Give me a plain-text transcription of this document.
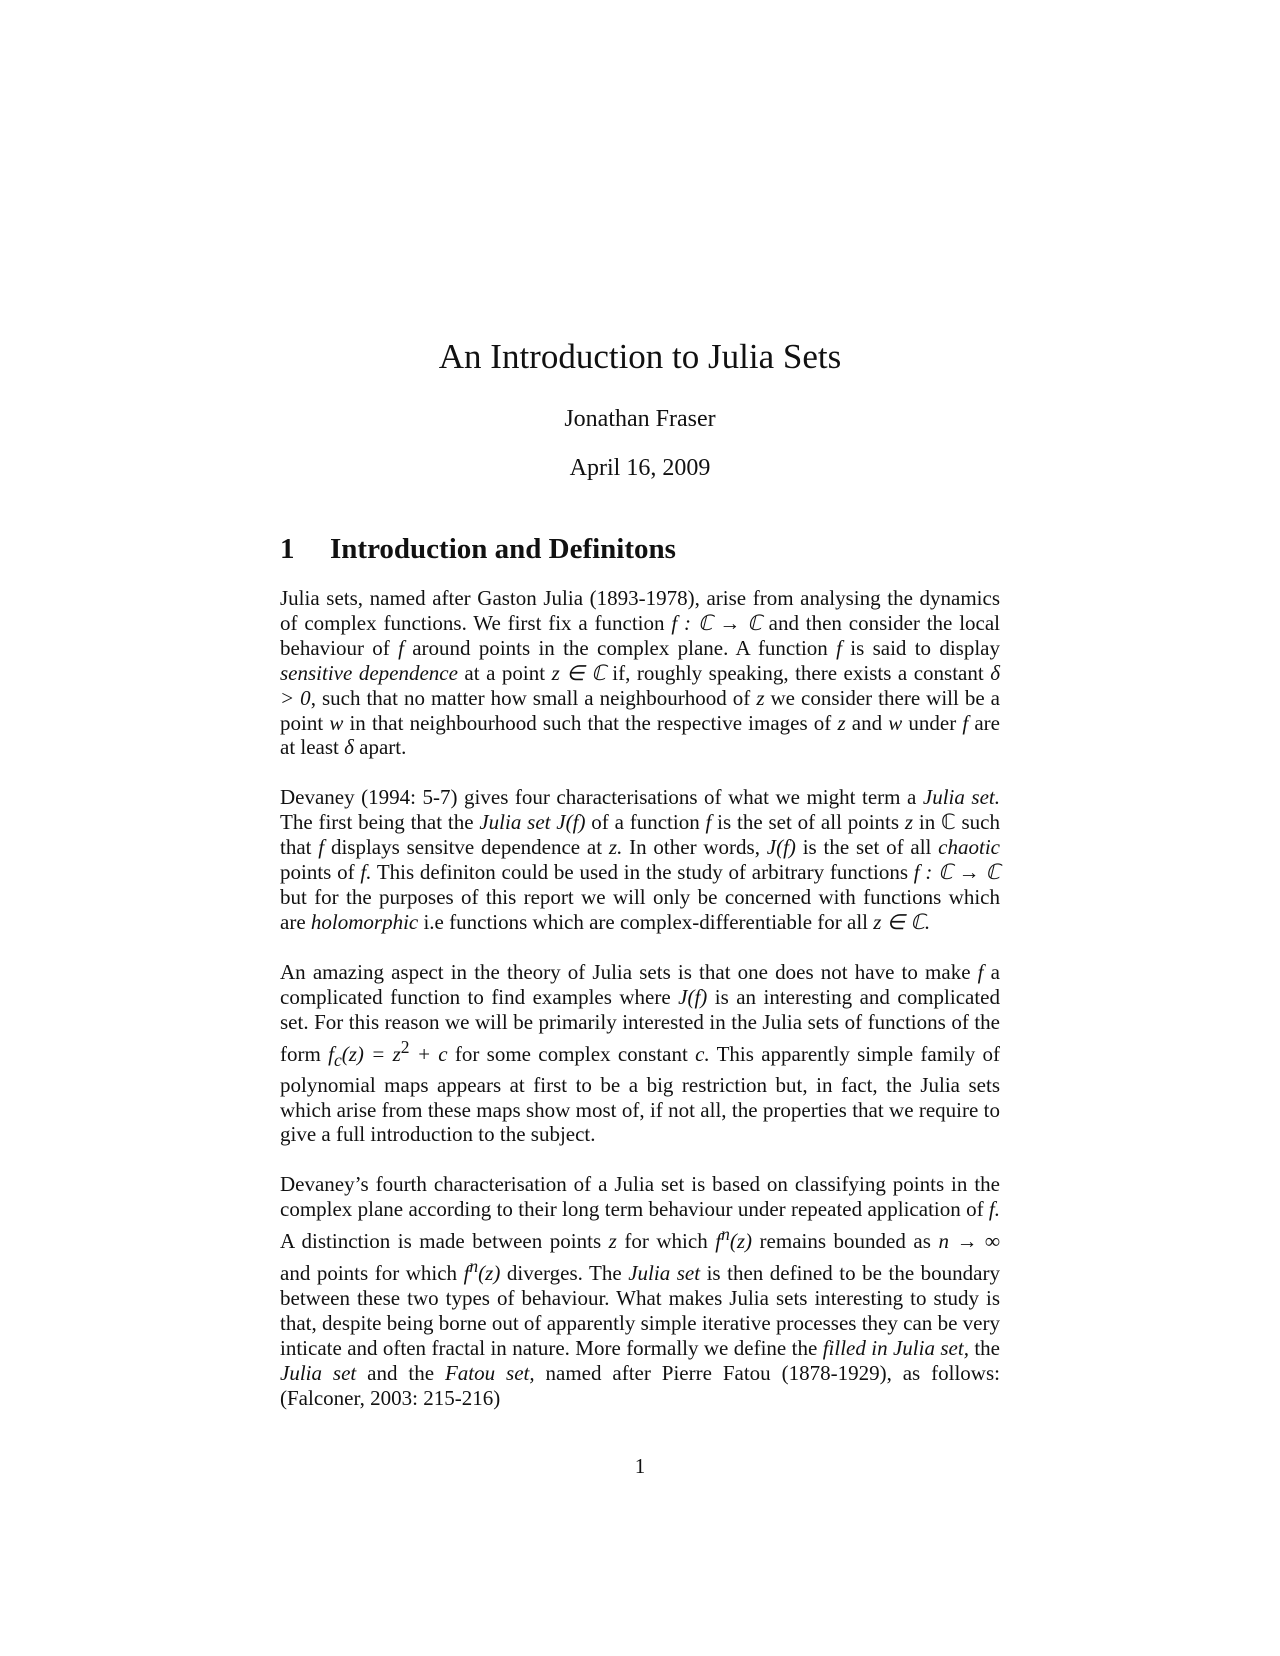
An Introduction to Julia Sets
Jonathan Fraser
April 16, 2009
1 Introduction and Definitons

Julia sets, named after Gaston Julia (1893-1978), arise from analysing the dynamics of complex functions. We first fix a function f : ℂ → ℂ and then consider the local behaviour of f around points in the complex plane. A function f is said to display sensitive dependence at a point z ∈ ℂ if, roughly speaking, there exists a constant δ > 0, such that no matter how small a neighbourhood of z we consider there will be a point w in that neighbourhood such that the respective images of z and w under f are at least δ apart.

Devaney (1994: 5-7) gives four characterisations of what we might term a Julia set. The first being that the Julia set J(f) of a function f is the set of all points z in ℂ such that f displays sensitve dependence at z. In other words, J(f) is the set of all chaotic points of f. This definiton could be used in the study of arbitrary functions f : ℂ → ℂ but for the purposes of this report we will only be concerned with functions which are holomorphic i.e functions which are complex-differentiable for all z ∈ ℂ.

An amazing aspect in the theory of Julia sets is that one does not have to make f a complicated function to find examples where J(f) is an interesting and complicated set. For this reason we will be primarily interested in the Julia sets of functions of the form $f_c(z) = z^2 + c$ for some complex constant c. This apparently simple family of polynomial maps appears at first to be a big restriction but, in fact, the Julia sets which arise from these maps show most of, if not all, the properties that we require to give a full introduction to the subject.

Devaney’s fourth characterisation of a Julia set is based on classifying points in the complex plane according to their long term behaviour under repeated application of f. A distinction is made between points z for which $f^n(z)$ remains bounded as n → ∞ and points for which $f^n(z)$ diverges. The Julia set is then defined to be the boundary between these two types of behaviour. What makes Julia sets interesting to study is that, despite being borne out of apparently simple iterative processes they can be very inticate and often fractal in nature. More formally we define the filled in Julia set, the Julia set and the Fatou set, named after Pierre Fatou (1878-1929), as follows: (Falconer, 2003: 215-216)

1
